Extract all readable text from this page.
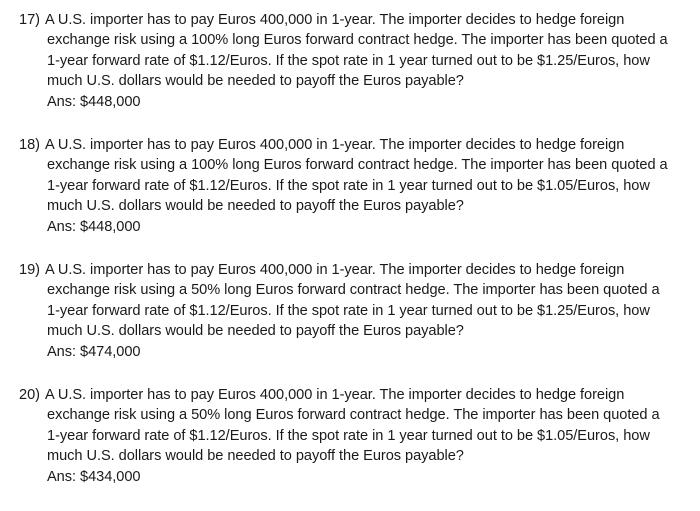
17) A U.S. importer has to pay Euros 400,000 in 1-year. The importer decides to hedge foreign
exchange risk using a 100% long Euros forward contract hedge. The importer has been quoted a
1-year forward rate of $1.12/Euros. If the spot rate in 1 year turned out to be $1.25/Euros, how
much U.S. dollars would be needed to payoff the Euros payable?
Ans: $448,000
18) A U.S. importer has to pay Euros 400,000 in 1-year. The importer decides to hedge foreign
exchange risk using a 100% long Euros forward contract hedge. The importer has been quoted a
1-year forward rate of $1.12/Euros. If the spot rate in 1 year turned out to be $1.05/Euros, how
much U.S. dollars would be needed to payoff the Euros payable?
Ans: $448,000
19) A U.S. importer has to pay Euros 400,000 in 1-year. The importer decides to hedge foreign
exchange risk using a 50% long Euros forward contract hedge. The importer has been quoted a
1-year forward rate of $1.12/Euros. If the spot rate in 1 year turned out to be $1.25/Euros, how
much U.S. dollars would be needed to payoff the Euros payable?
Ans: $474,000
20) A U.S. importer has to pay Euros 400,000 in 1-year. The importer decides to hedge foreign
exchange risk using a 50% long Euros forward contract hedge. The importer has been quoted a
1-year forward rate of $1.12/Euros. If the spot rate in 1 year turned out to be $1.05/Euros, how
much U.S. dollars would be needed to payoff the Euros payable?
Ans: $434,000
